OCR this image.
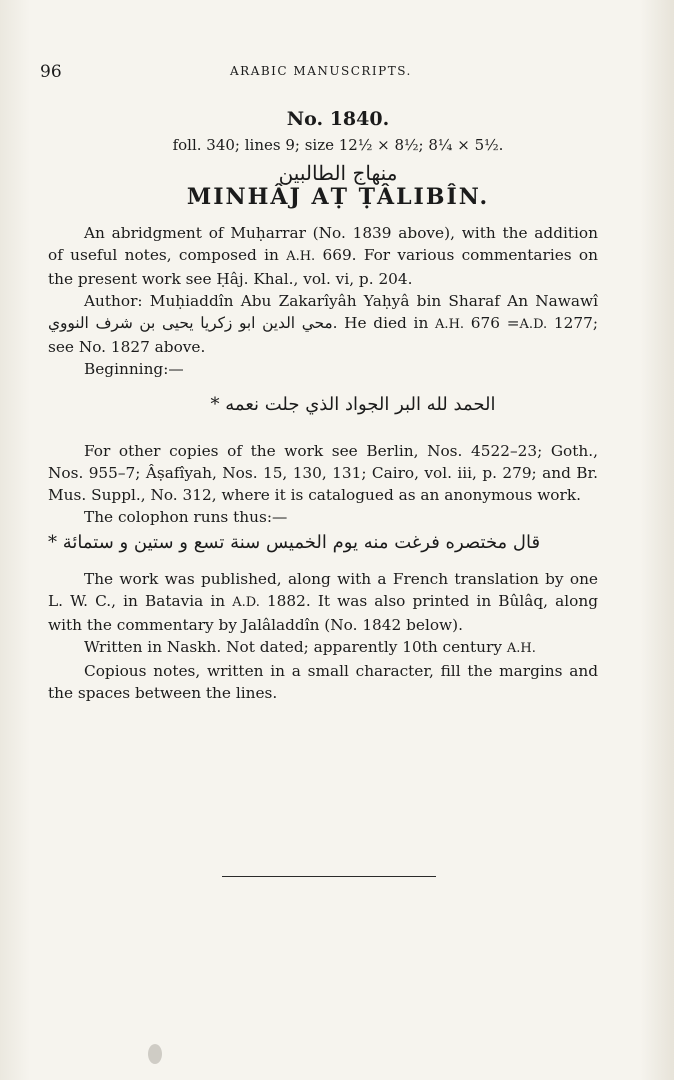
96	ARABIC MANUSCRIPTS.
No. 1840.
foll. 340; lines 9; size 12½ × 8½; 8¼ × 5½.
منهاج الطالبين
MINHÂJ AṬ ṬÂLIBÎN.

An abridgment of Muḥarrar (No. 1839 above), with the addition of useful notes, composed in A.H. 669. For various commentaries on the present work see Ḥâj. Khal., vol. vi, p. 204.

Author: Muḥiaddîn Abu Zakarîyâh Yaḥyâ bin Sharaf An Nawawî محي الدين ابو زكريا يحيى بن شرف النووي. He died in A.H. 676 =A.D. 1277; see No. 1827 above.

Beginning:—

الحمد لله البر الجواد الذي جلت نعمه *

For other copies of the work see Berlin, Nos. 4522–23; Goth., Nos. 955–7; Âṣafîyah, Nos. 15, 130, 131; Cairo, vol. iii, p. 279; and Br. Mus. Suppl., No. 312, where it is catalogued as an anonymous work.

The colophon runs thus:—

قال مختصره فرغت منه يوم الخميس سنة تسع و ستين و ستمائة *

The work was published, along with a French translation by one L. W. C., in Batavia in A.D. 1882. It was also printed in Bûlâq, along with the commentary by Jalâladdîn (No. 1842 below).

Written in Naskh. Not dated; apparently 10th century A.H.

Copious notes, written in a small character, fill the margins and the spaces between the lines.
